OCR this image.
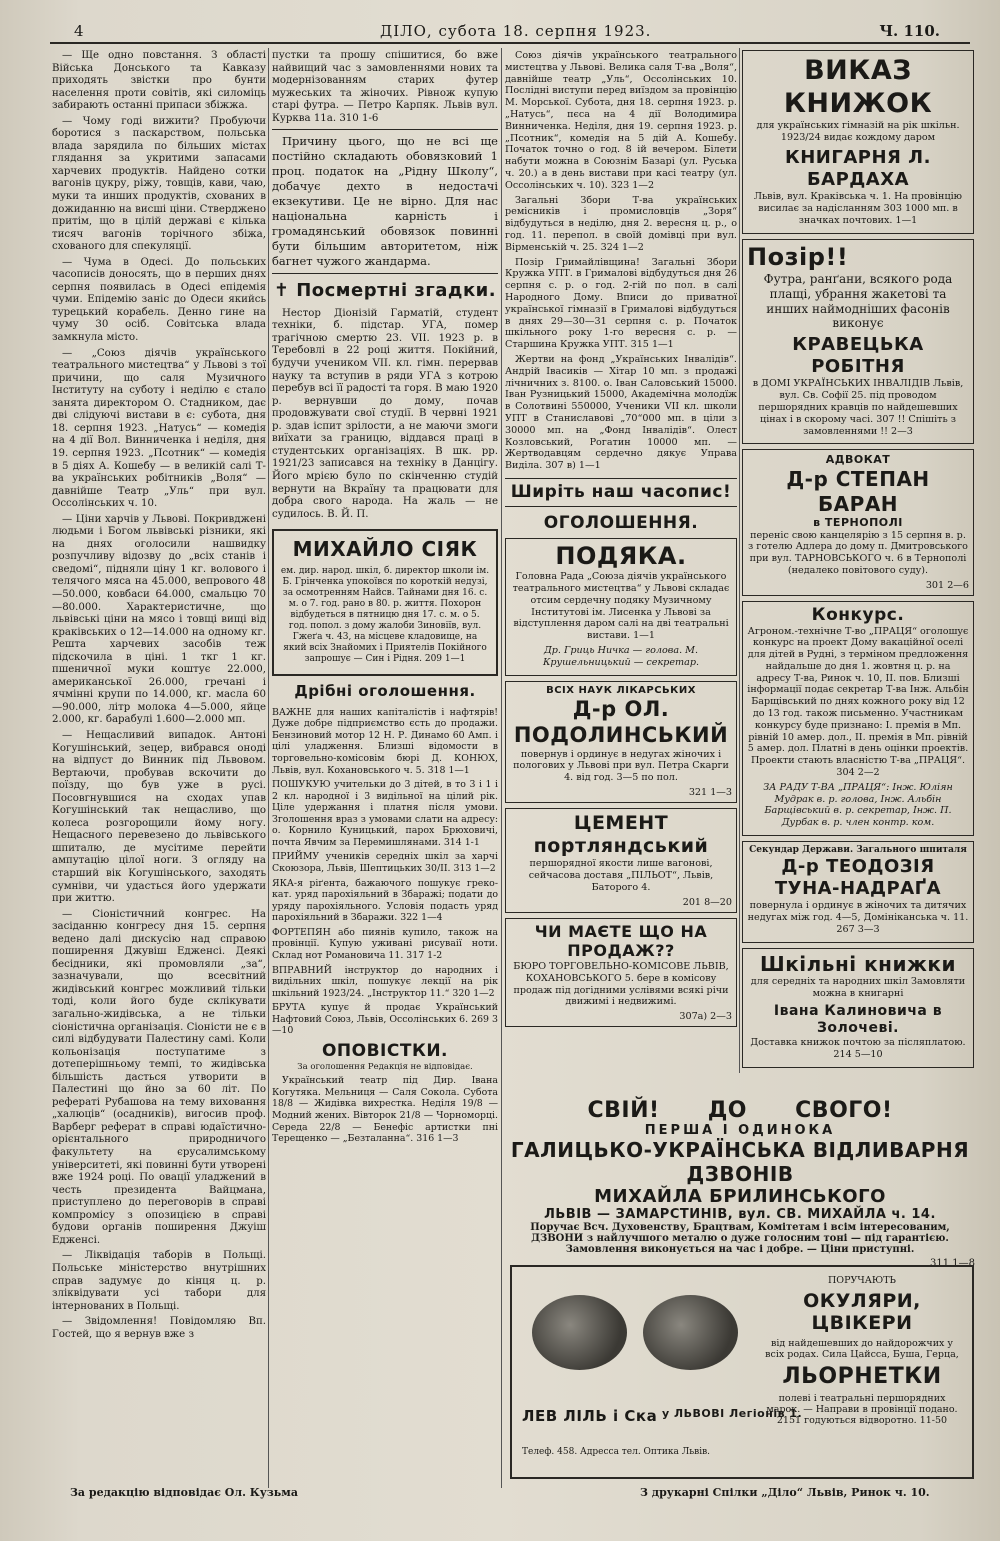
4	ДІЛО, субота 18. серпня 1923.	Ч. 110.

— Ще одно повстання. З області Війська Донського та Кавказу приходять звістки про бунти населення проти совітів, які силоміць забирають останні припаси збіжжа.

— Чому годі вижити? Пробуючи боротися з паскарством, польська влада зарядила по більших містах глядання за укритими запасами харчевих продуктів. Найдено сотки вагонів цукру, ріжу, товщів, кави, чаю, муки та инших продуктів, схованих в дожиданню на висші ціни. Стверджено притім, що в цілій державі є кілька тисяч вагонів торічного збіжа, схованого для спекуляції.

— Чума в Одесі. До польських часописів доносять, що в перших днях серпня появилась в Одесі епідемія чуми. Епідемію заніс до Одеси якийсь турецький корабель. Денно гине на чуму 30 осіб. Совітська влада замкнула місто.

— „Союз діячів українського театрального мистецтва“ у Львові з тої причини, що саля Музичного Інституту на суботу і неділю є стало занята директором О. Стадником, дає дві слідуючі вистави в є: субота, дня 18. серпня 1923. „Натусь“ — комедія на 4 дії Вол. Винниченка і неділя, дня 19. серпня 1923. „Псотник“ — комедія в 5 діях А. Кошебу — в великій салі Т-ва українських робітників „Воля“ — давнійше Театр „Уль“ при вул. Оссолінських ч. 10.

— Ціни харчів у Львові. Покривджені людьми і Богом львівські різники, які на днях оголосили нашвидку розпучливу відозву до „всіх станів і сведомі“, підняли ціну 1 кг. волового і телячого мяса на 45.000, вепрового 48—50.000, ковбаси 64.000, смальцю 70—80.000. Характеристичне, що львівські ціни на мясо і товщі вищі від краківських о 12—14.000 на одному кг. Решта харчевих засобів теж підскочила в ціні. 1 ткг 1 кг. пшеничної муки коштує 22.000, американської 26.000, гречані і ячмінні крупи по 14.000, кг. масла 60—90.000, літр молока 4—5.000, яйце 2.000, кг. барабулі 1.600—2.000 мп.

— Нещасливий випадок. Антоні Когушінський, зецер, вибрався оноді на відпуст до Винник під Львовом. Вертаючи, пробував вскочити до поїзду, що був уже в русі. Посовгнувшися на сходах упав Когушінський так нещасливо, що колеса розгорощили йому ногу. Нещасного перевезено до львівського шпиталю, де мусітиме перейти ампутацію цілої ноги. З огляду на старший вік Когушінського, заходять сумніви, чи удасться його удержати при життю.

— Сіоністичний конгрес. На засіданню конгресу дня 15. серпня ведено далі дискусію над справою поширення Джувіш Едженсі. Деякі бесідники, які промовляли „за“, зазначували, що всесвітний жидівський конгрес можливий тільки тоді, коли його буде склікувати загально-жидівська, а не тільки сіоністична організація. Сіоністи не є в силі відбудувати Палестину самі. Коли кольонізація поступатиме з дотеперішньому темпі, то жидівська більшість дасться утворити в Палестині що йно за 60 літ. По рефераті Рубашова на тему виховання „халюців“ (осадників), вигосив проф. Варберг реферат в справі юдаїстично-орієнтального природничого факультету на єрусалимському університеті, які повинні бути утворені вже 1924 році. По овації уладжений в честь президента Вайцмана, приступлено до переговорів в справі компромісу з опозицією в справі будови органів поширення Джуіш Едженсі.

— Ліквідація таборів в Польщі. Польське міністерство внутрішних справ задумує до кінця ц. р. зліквідувати усі табори для інтернованих в Польщі.

— Звідомлення! Повідомляю Вп. Гостей, що я вернув вже з

пустки та прошу спішитися, бо вже найвищий час з замовленнями нових та модернізованням старих футер мужеських та жіночих. Рівнож купую старі футра. — Петро Карпяк. Львів вул. Курква 11а. 310 1-6

Причину цього, що не всі ще постійно складають обовязковий 1 проц. податок на „Рідну Школу“, добачує дехто в недостачі екзекутиви. Це не вірно. Для нас національна карність і громадянський обовязок повинні бути більшим авторитетом, ніж багнет чужого жандарма.

✝ Посмертні згадки.

Нестор Діонізій Гарматій, студент техніки, б. підстар. УГА, помер трагічною смертю 23. VII. 1923 р. в Теребовлі в 22 році життя. Покійний, будучи учеником VII. кл. гімн. перервав науку та вступив в ряди УГА з котрою перебув всі її радості та горя. В маю 1920 р. вернувши до дому, почав продовжувати свої студії. В червні 1921 р. здав іспит зрілости, а не маючи змоги виїхати за границю, віддався праці в студентських організаціях. В шк. рр. 1921/23 записався на техніку в Данцігу. Його мрією було по скінченню студій вернути на Вкраїну та працювати для добра свого народа. На жаль — не судилось. В. Й. П.

МИХАЙЛО СІЯК

ем. дир. народ. шкіл, б. директор школи ім. Б. Грінченка упокоївся по короткій недузі, за осмотренням Найсв. Тайнами дня 16. с. м. о 7. год. рано в 80. р. життя. Похорон відбудеться в пятницю дня 17. с. м. о 5. год. попол. з дому жалоби Зиновіїв, вул. Гжеґа ч. 43, на місцеве кладовище, на який всіх Знайомих і Приятелів Покійного запрошує — Син і Рідня. 209 1—1

Дрібні оголошення.

ВАЖНЕ для наших капіталістів і нафтярів! Дуже добре підприємство єсть до продажи. Бензиновий мотор 12 Н. Р. Динамо 60 Амп. і цілі уладження. Близші відомости в торговельно-комісовім бюрі Д. КОНЮХ, Львів, вул. Кохановського ч. 5. 318 1—1

ПОШУКУЮ учительки до 3 дітей, в то 3 і 1 і 2 кл. народної і 3 видільної на цілий рік. Ціле удержання і платня після умови. Зголошення враз з умовами слати на адресу: о. Корнило Куницький, парох Брюховичі, почта Явчим за Перемишлянами. 314 1-1

ПРИЙМУ учеників середніх шкіл за харчі Скоюзора, Львів, Шептицьких 30/II. 313 1—2

ЯКА-я ріґента, бажаючого пошукує греко-кат. уряд парохіяльний в Збаражі; подати до уряду парохіяльного. Условія подасть уряд парохіяльний в Збаражи. 322 1—4

ФОРТЕПЯН або пиянів купило, також на провінції. Купую уживані рисуваії ноти. Склад нот Романовича 11. 317 1-2

ВПРАВНИЙ інструктор до народних і видільних шкіл, пошукує лекції на рік шкільний 1923/24. „Інструктор 11.“ 320 1—2

БРУТА купує й продає Український Нафтовий Союз, Львів, Оссолінських 6. 269 3—10

ОПОВІСТКИ.
За оголошення Редакція не відповідає.

Український театр під Дир. Івана Когутяка. Мельниця — Саля Сокола. Субота 18/8 — Жидівка вихрестка. Неділя 19/8 — Модний жених. Вівторок 21/8 — Чорноморці. Середа 22/8 — Бенефіс артистки пні Терещенко — „Безталанна“. 316 1—3

Союз діячів українського театрального мистецтва у Львові. Велика саля Т-ва „Воля“, давнійше театр „Уль“, Оссолінських 10. Послідні виступи перед виїздом за провінцію М. Морської. Субота, дня 18. серпня 1923. р. „Натусь“, пєса на 4 дії Володимира Винниченка. Неділя, дня 19. серпня 1923. р. „Псотник“, комедія на 5 дій А. Кошебу. Початок точно о год. 8 ій вечером. Білети набути можна в Союзнім Базарі (ул. Руська ч. 20.) а в день вистави при касі театру (ул. Оссолінських ч. 10). 323 1—2

Загальні Збори Т-ва українських ремісників і промисловців „Зоря“ відбудуться в неділю, дня 2. вересня ц. р., о год. 11. перепол. в своїй домівці при вул. Вірменській ч. 25. 324 1—2

Позір Гримайлівщина! Загальні Збори Кружка УПТ. в Грималові відбудуться дня 26 серпня с. р. о год. 2-гій по пол. в салі Народного Дому. Вписи до приватної української гімназії в Грималові відбудуться в днях 29—30—31 серпня с. р. Початок шкільного року 1-го вересня с. р. — Старшина Кружка УПТ. 315 1—1

Жертви на фонд „Українських Інвалідів“. Андрій Івасиків — Хітар 10 мп. з продажі лічничних з. 8100. о. Іван Саловський 15000. Іван Рузницький 15000, Академічна молодїж в Солотвині 550000, Ученики VII кл. школи УПТ в Станиславові „70“000 мп. в ціли з 30000 мп. на „Фонд Інвалідів“. Олест Козловський, Рогатин 10000 мп. — Жертводавцям сердечно дякує Управа Виділа. 307 в) 1—1

Ширіть наш часопис!
ОГОЛОШЕННЯ.
ПОДЯКА.

Головна Рада „Союза діячів українського театрального мистецтва“ у Львові складає отсим сердечну подяку Музичному Інститутові ім. Лисенка у Львові за відступлення даром салі на дві театральні вистави. 1—1

Др. Гриць Ничка — голова. М. Крушельницький — секретар.

ВСІХ НАУК ЛІКАРСЬКИХ
Д-р ОЛ. ПОДОЛИНСЬКИЙ

повернув і ординує в недугах жіночих і пологових у Львові при вул. Петра Скарги 4. від год. 3—5 по пол.

321 1—3
ЦЕМЕНТ портляндський

першорядної якости лише вагонові, сейчасова доставя „ПІЛЬОТ“, Львів, Баторого 4.

201 8—20
ЧИ МАЄТЕ ЩО НА ПРОДАЖ??

БЮРО ТОРГОВЕЛЬНО-КОМІСОВЕ ЛЬВІВ, КОХАНОВСЬКОГО 5. бере в комісову продаж під догідними услівями всякі річи движимі і недвижимі.

307а) 2—3
ВИКАЗ КНИЖОК

для українських гімназій на рік шкільн. 1923/24 видає кождому даром

КНИГАРНЯ Л. БАРДАХА

Львів, вул. Краківська ч. 1. На провінцію висилає за надісланням 303 1000 мп. в значках почтових. 1—1

Позір!!

Футра, ранґани, всякого рода плащі, убрання жакетові та инших наймодніших фасонів виконує

КРАВЕЦЬКА РОБІТНЯ

в ДОМІ УКРАЇНСЬКИХ ІНВАЛІДІВ Львів, вул. Св. Софії 25. під проводом першорядних кравців по найдешевших цінах і в скорому часі. 307 !! Спішіть з замовленнями !! 2—3

АДВОКАТ
Д-р СТЕПАН БАРАН
в ТЕРНОПОЛІ

переніс свою канцелярію з 15 серпня в. р. з готелю Адлера до дому п. Дмитровського при вул. ТАРНОВСЬКОГО ч. 6 в Тернополі (недалеко повітового суду).

301 2—6
Конкурс.

Агроном.-технічне Т-во „ПРАЦЯ“ оголошує конкурс на проект Дому вакаційної оселі для дітей в Рудні, з терміном предложення найдальше до дня 1. жовтня ц. р. на адресу Т-ва, Ринок ч. 10, II. пов. Близші інформації подає секретар Т-ва Інж. Альбін Барщівський по днях кожного року від 12 до 13 год. також письменно. Участникам конкурсу буде признано: І. премія в Мп. рівній 10 амер. дол., II. премія в Мп. рівній 5 амер. дол. Платні в день оцінки проектів. Проекти стають власністю Т-ва „ПРАЦЯ“. 304 2—2

ЗА РАДУ Т-ВА „ПРАЦЯ“: Інж. Юліян Мудрак в. р. голова, Інж. Альбін Барщівський в. р. секретар, Інж. П. Дурбак в. р. член контр. ком.

Секундар Держави. Загального шпиталя
Д-р ТЕОДОЗІЯ ТУНА-НАДРАҐА

повернула і ординує в жіночих та дитячих недугах між год. 4—5, Домініканська ч. 11. 267 3—3

Шкільні книжки

для середніх та народних шкіл Замовляти можна в книгарні

Івана Калиновича в Золочеві.

Доставка книжок почтою за післяплатою. 214 5—10

СВІЙ! ДО СВОГО!
ПЕРША І ОДИНОКА
ГАЛИЦЬКО-УКРАЇНСЬКА ВІДЛИВАРНЯ ДЗВОНІВ
МИХАЙЛА БРИЛИНСЬКОГО
ЛЬВІВ — ЗАМАРСТИНІВ, вул. СВ. МИХАЙЛА ч. 14.

Поручає Всч. Духовенству, Брацтвам, Комітетам і всім інтересованим, ДЗВОНИ з найлучшого металю о дуже голосним тоні — під гарантією. Замовлення виконується на час і добре. — Ціни приступні.

311 1—8
ЛЕВ ЛІЛЬ і Ска у ЛЬВОВІ Легіонів 1.
Телеф. 458. Адресса тел. Оптика Львів.
ПОРУЧАЮТЬ
ОКУЛЯРИ, ЦВІКЕРИ
від найдешевших до найдорожчих у всіх родах. Сила Цайсса, Буша, Герца,
ЛЬОРНЕТКИ
полеві і театральні першорядних марок. — Направи в провінції подано. 2151 годуються відворотно. 11-50
За редакцію відповідає Ол. Кузьма	З друкарні Спілки „Діло“ Львів, Ринок ч. 10.
